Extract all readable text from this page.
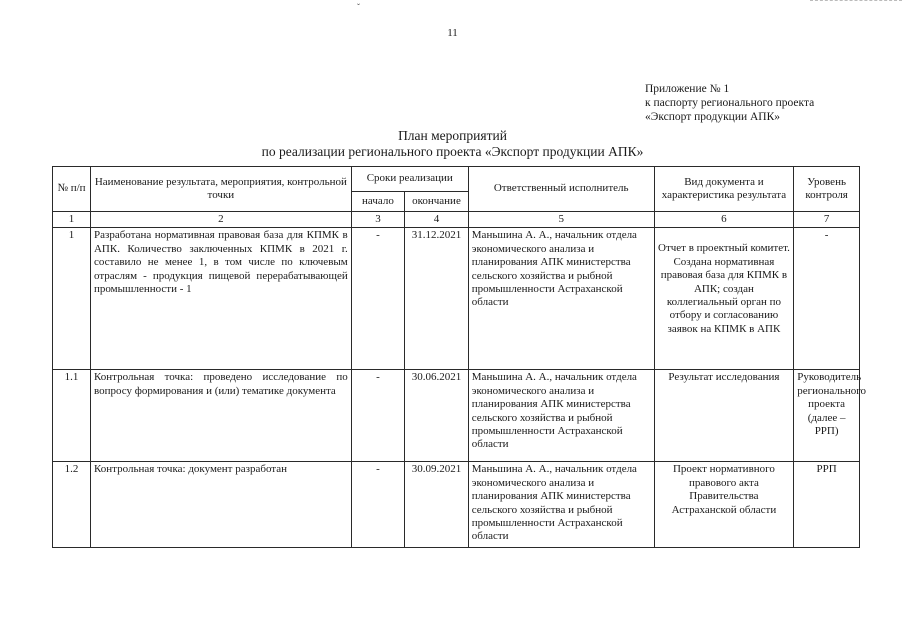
ˇ
11
Приложение № 1
к паспорту регионального проекта
«Экспорт продукции АПК»
План мероприятий
по реализации регионального проекта «Экспорт продукции АПК»
№ п/п	Наименование результата, мероприятия, контрольной точки	Сроки реализации		Ответственный исполнитель	Вид документа и характеристика результата	Уровень контроля
		начало	окончание			
1	2	3	4	5	6	7
1	Разработана нормативная правовая база для КПМК в АПК. Количество заключенных КПМК в 2021 г. составило не менее 1, в том числе по ключевым отраслям - продукция пищевой перерабатывающей промышленности - 1	-	31.12.2021	Маньшина А. А., начальник отдела экономического анализа и планирования АПК министерства сельского хозяйства и рыбной промышленности Астраханской области	Отчет в проектный комитет. Создана нормативная правовая база для КПМК в АПК; создан коллегиальный орган по отбору и согласованию заявок на КПМК в АПК	-
1.1	Контрольная точка: проведено исследование по вопросу формирования и (или) тематике документа	-	30.06.2021	Маньшина А. А., начальник отдела экономического анализа и планирования АПК министерства сельского хозяйства и рыбной промышленности Астраханской области	Результат исследования	Руководитель регионального проекта (далее – РРП)
1.2	Контрольная точка: документ разработан	-	30.09.2021	Маньшина А. А., начальник отдела экономического анализа и планирования АПК министерства сельского хозяйства и рыбной промышленности Астраханской области	Проект нормативного правового акта Правительства Астраханской области	РРП
